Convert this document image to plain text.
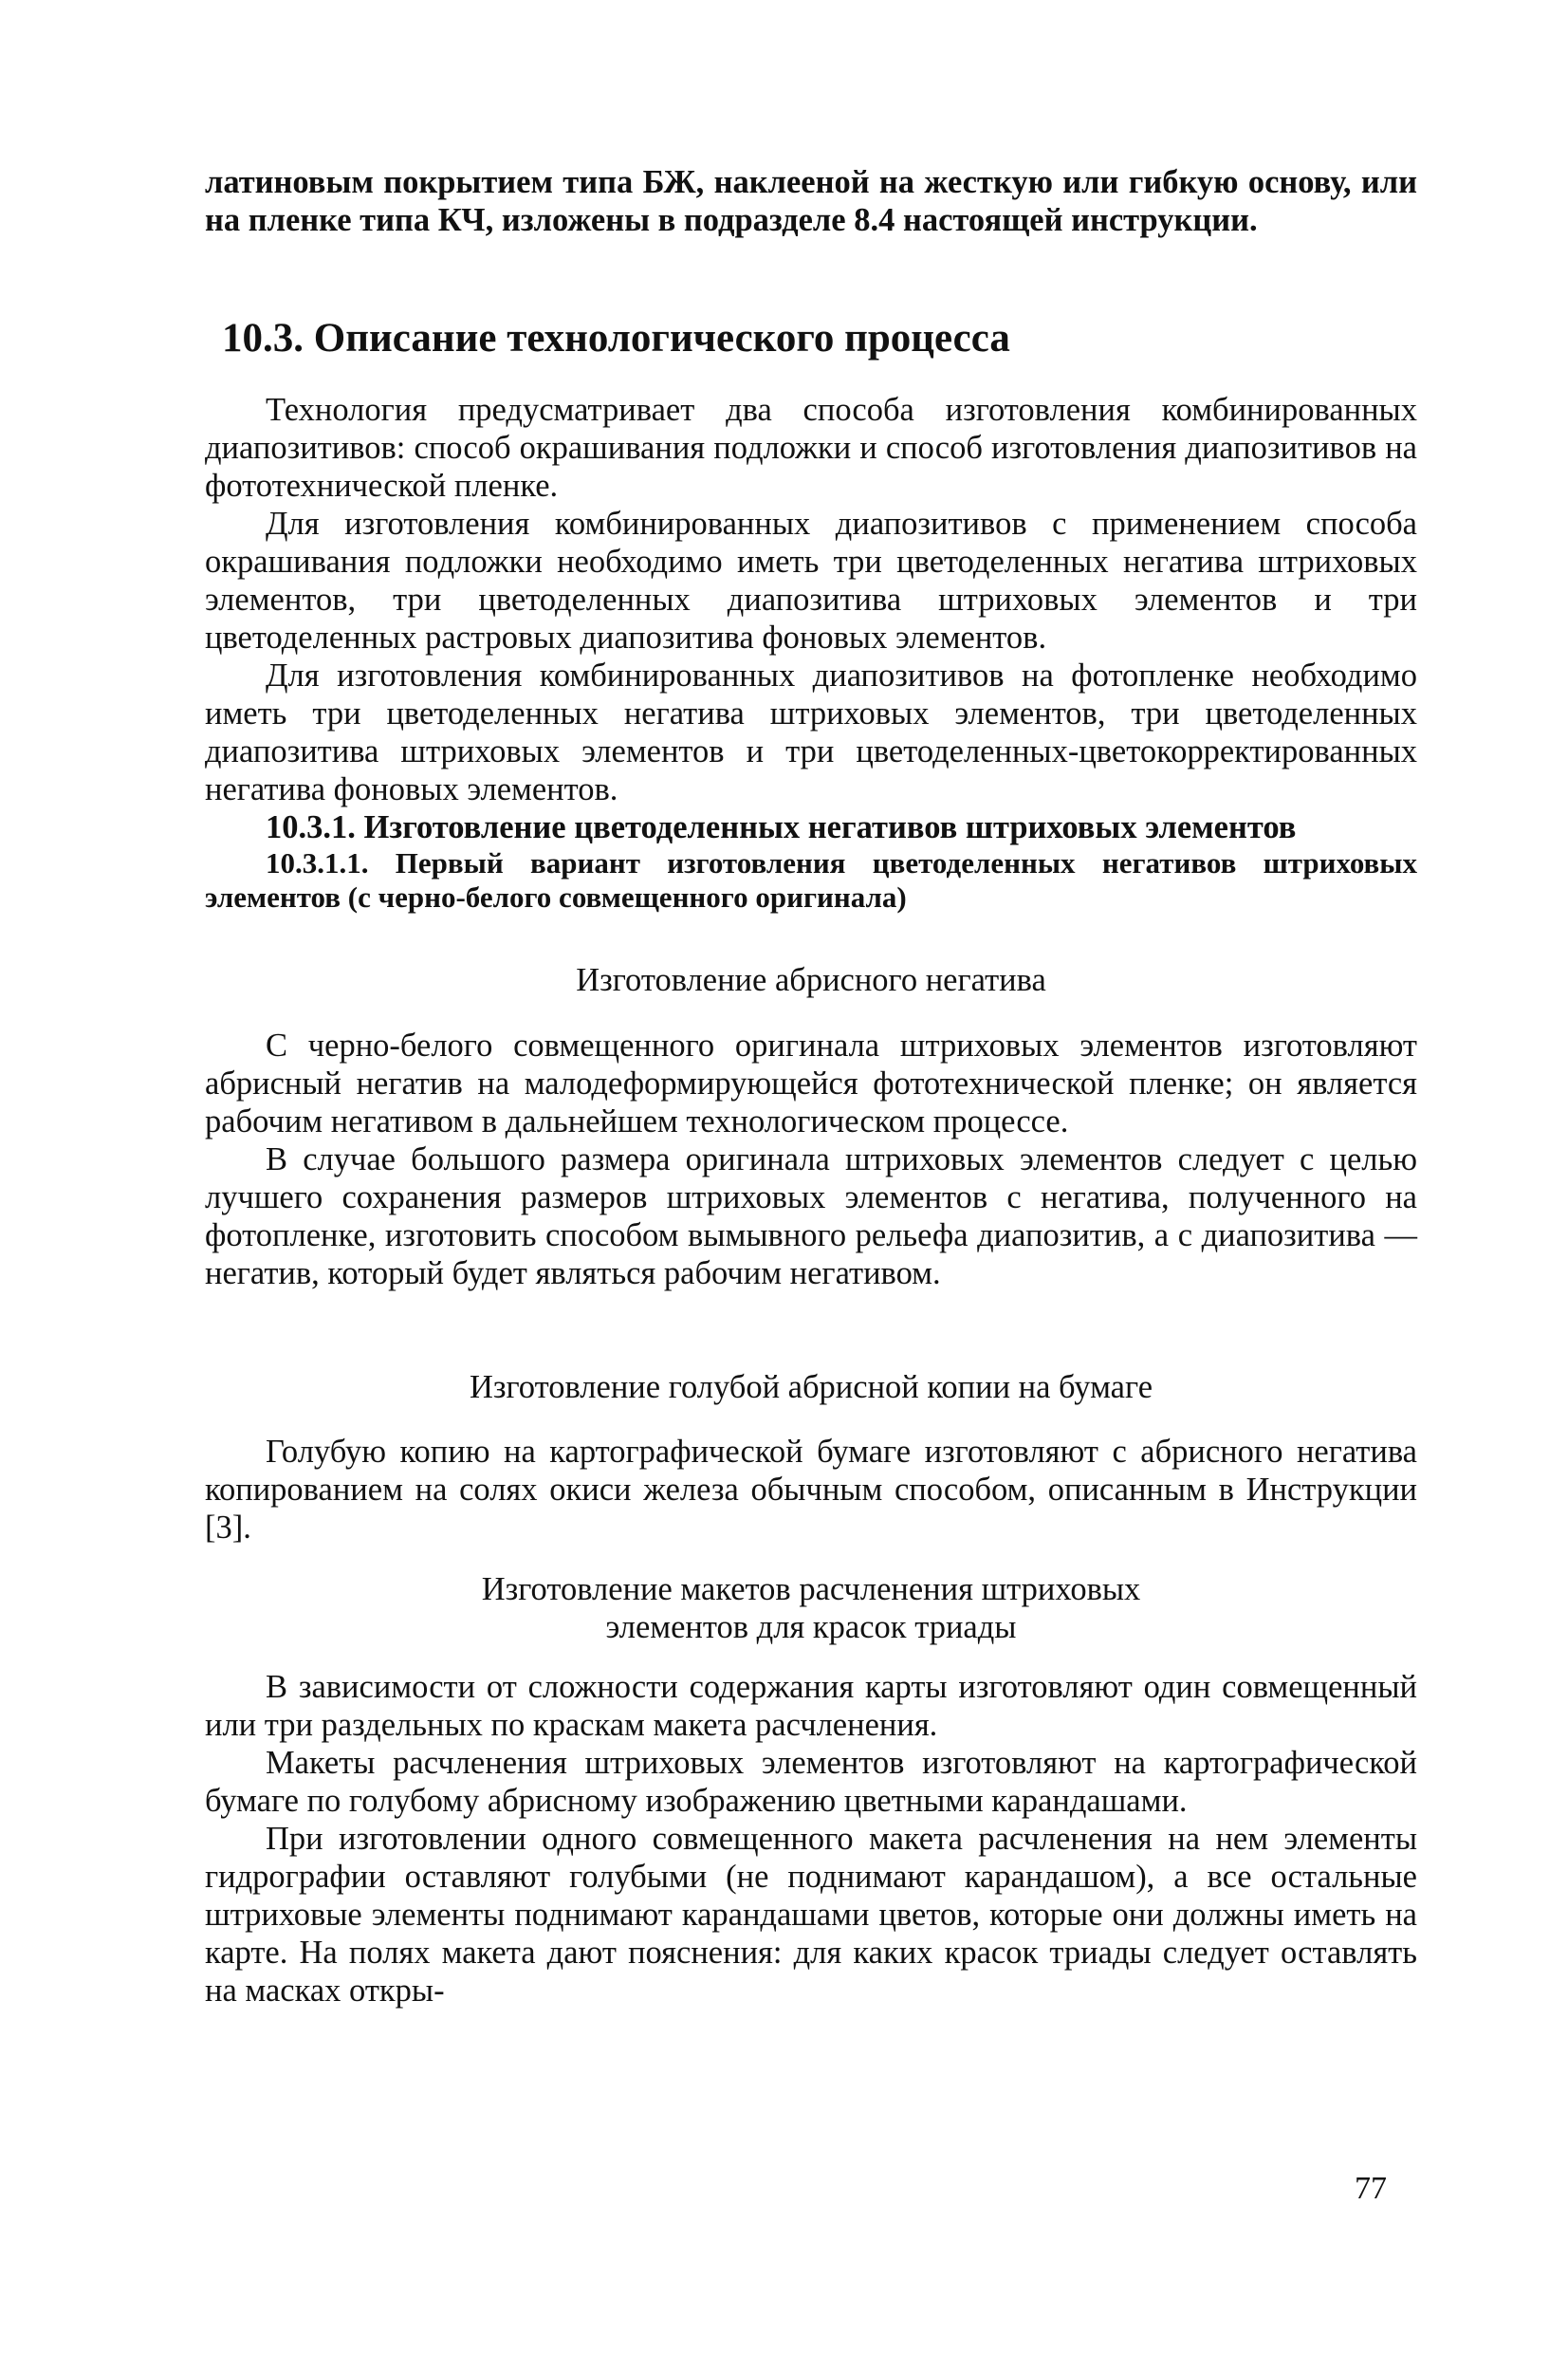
латиновым покрытием типа БЖ, наклееной на жесткую или гибкую основу, или на пленке типа КЧ, изложены в подразделе 8.4 настоящей инструкции.

10.3. Описание технологического процесса

Технология предусматривает два способа изготовления комбинированных диапозитивов: способ окрашивания подложки и способ изготовления диапозитивов на фототехнической пленке.

Для изготовления комбинированных диапозитивов с применением способа окрашивания подложки необходимо иметь три цветоделенных негатива штриховых элементов, три цветоделенных диапозитива штриховых элементов и три цветоделенных растровых диапозитива фоновых элементов.

Для изготовления комбинированных диапозитивов на фотопленке необходимо иметь три цветоделенных негатива штриховых элементов, три цветоделенных диапозитива штриховых элементов и три цветоделенных-цветокорректированных негатива фоновых элементов.

10.3.1. Изготовление цветоделенных негативов штриховых элементов

10.3.1.1. Первый вариант изготовления цветоделенных негативов штриховых элементов (с черно-белого совмещенного оригинала)

Изготовление абрисного негатива

С черно-белого совмещенного оригинала штриховых элементов изготовляют абрисный негатив на малодеформирующейся фототехнической пленке; он является рабочим негативом в дальнейшем технологическом процессе.

В случае большого размера оригинала штриховых элементов следует с целью лучшего сохранения размеров штриховых элементов с негатива, полученного на фотопленке, изготовить способом вымывного рельефа диапозитив, а с диапозитива — негатив, который будет являться рабочим негативом.

Изготовление голубой абрисной копии на бумаге

Голубую копию на картографической бумаге изготовляют с абрисного негатива копированием на солях окиси железа обычным способом, описанным в Инструкции [3].

Изготовление макетов расчленения штриховых

элементов для красок триады

В зависимости от сложности содержания карты изготовляют один совмещенный или три раздельных по краскам макета расчленения.

Макеты расчленения штриховых элементов изготовляют на картографической бумаге по голубому абрисному изображению цветными карандашами.

При изготовлении одного совмещенного макета расчленения на нем элементы гидрографии оставляют голубыми (не поднимают карандашом), а все остальные штриховые элементы поднимают карандашами цветов, которые они должны иметь на карте. На полях макета дают пояснения: для каких красок триады следует оставлять на масках откры-

77
